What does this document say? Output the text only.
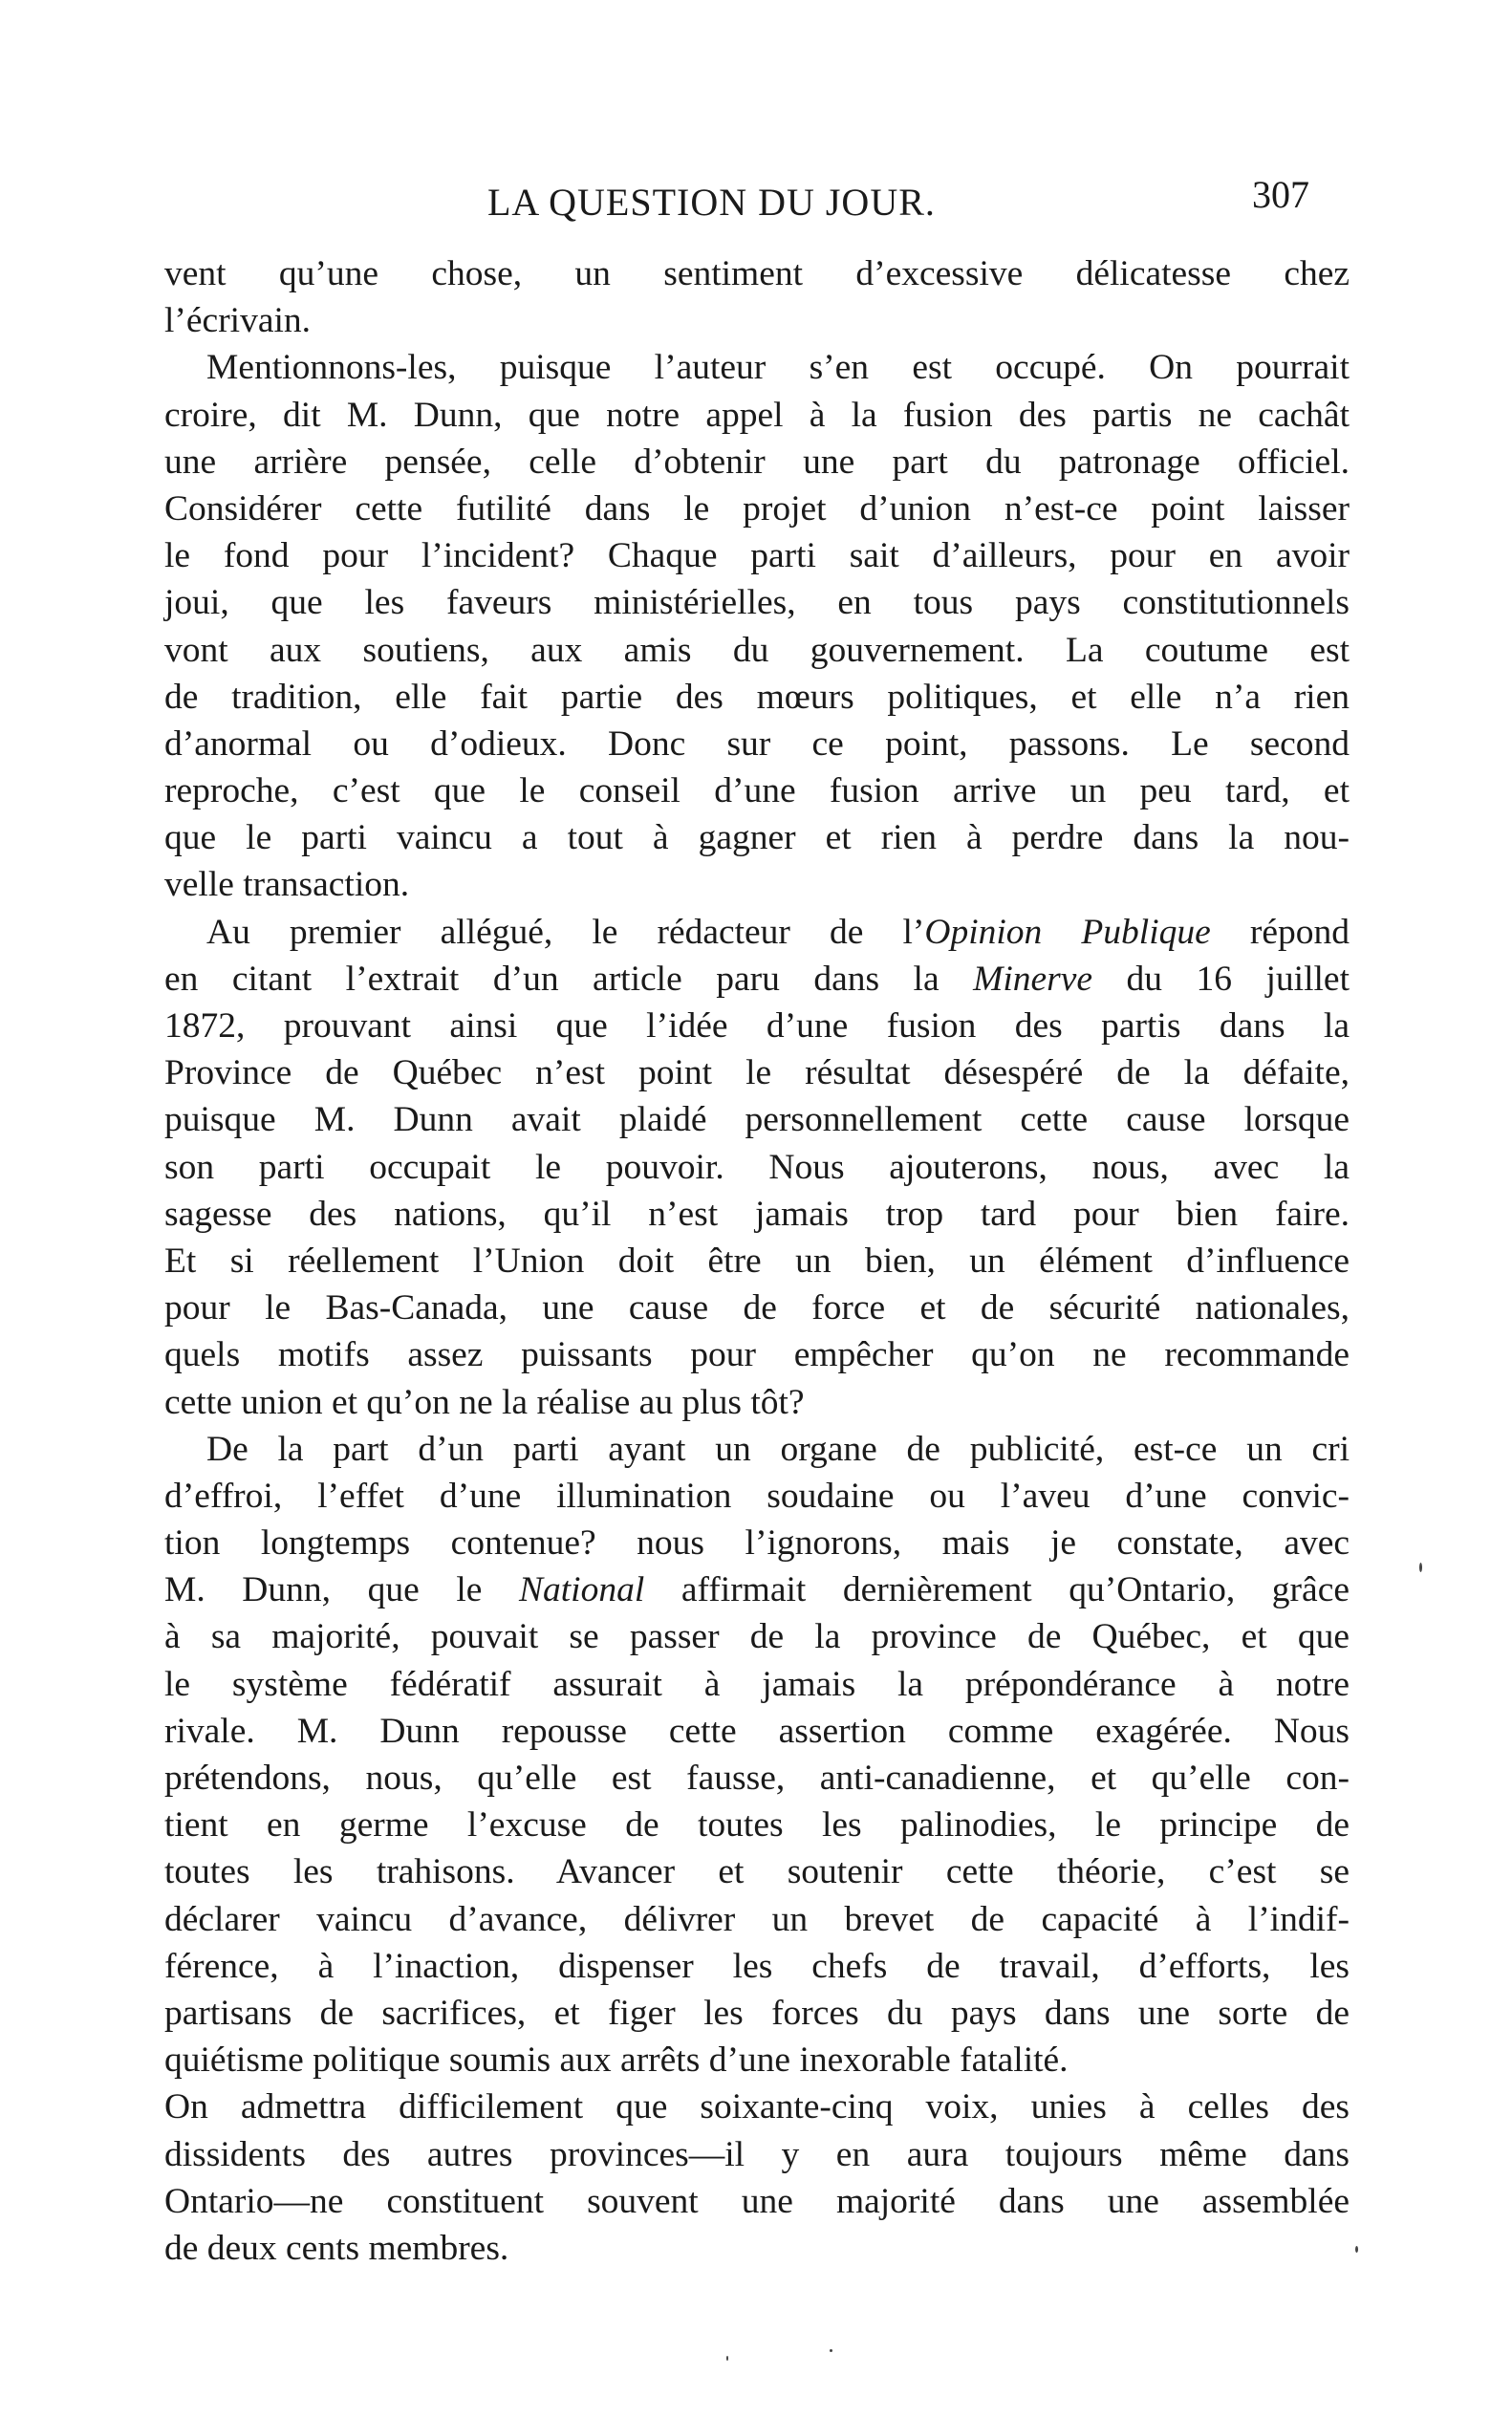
LA QUESTION DU JOUR.	307
vent qu’une chose, un sentiment d’excessive délicatesse chez
l’écrivain.
Mentionnons-les, puisque l’auteur s’en est occupé. On pourrait
croire, dit M. Dunn, que notre appel à la fusion des partis ne cachât
une arrière pensée, celle d’obtenir une part du patronage officiel.
Considérer cette futilité dans le projet d’union n’est-ce point laisser
le fond pour l’incident? Chaque parti sait d’ailleurs, pour en avoir
joui, que les faveurs ministérielles, en tous pays constitutionnels
vont aux soutiens, aux amis du gouvernement. La coutume est
de tradition, elle fait partie des mœurs politiques, et elle n’a rien
d’anormal ou d’odieux. Donc sur ce point, passons. Le second
reproche, c’est que le conseil d’une fusion arrive un peu tard, et
que le parti vaincu a tout à gagner et rien à perdre dans la nou-
velle transaction.
Au premier allégué, le rédacteur de l’Opinion Publique répond
en citant l’extrait d’un article paru dans la Minerve du 16 juillet
1872, prouvant ainsi que l’idée d’une fusion des partis dans la
Province de Québec n’est point le résultat désespéré de la défaite,
puisque M. Dunn avait plaidé personnellement cette cause lorsque
son parti occupait le pouvoir. Nous ajouterons, nous, avec la
sagesse des nations, qu’il n’est jamais trop tard pour bien faire.
Et si réellement l’Union doit être un bien, un élément d’influence
pour le Bas-Canada, une cause de force et de sécurité nationales,
quels motifs assez puissants pour empêcher qu’on ne recommande
cette union et qu’on ne la réalise au plus tôt?
De la part d’un parti ayant un organe de publicité, est-ce un cri
d’effroi, l’effet d’une illumination soudaine ou l’aveu d’une convic-
tion longtemps contenue? nous l’ignorons, mais je constate, avec
M. Dunn, que le National affirmait dernièrement qu’Ontario, grâce
à sa majorité, pouvait se passer de la province de Québec, et que
le système fédératif assurait à jamais la prépondérance à notre
rivale. M. Dunn repousse cette assertion comme exagérée. Nous
prétendons, nous, qu’elle est fausse, anti-canadienne, et qu’elle con-
tient en germe l’excuse de toutes les palinodies, le principe de
toutes les trahisons. Avancer et soutenir cette théorie, c’est se
déclarer vaincu d’avance, délivrer un brevet de capacité à l’indif-
férence, à l’inaction, dispenser les chefs de travail, d’efforts, les
partisans de sacrifices, et figer les forces du pays dans une sorte de
quiétisme politique soumis aux arrêts d’une inexorable fatalité.
On admettra difficilement que soixante-cinq voix, unies à celles des
dissidents des autres provinces—il y en aura toujours même dans
Ontario—ne constituent souvent une majorité dans une assemblée
de deux cents membres.
